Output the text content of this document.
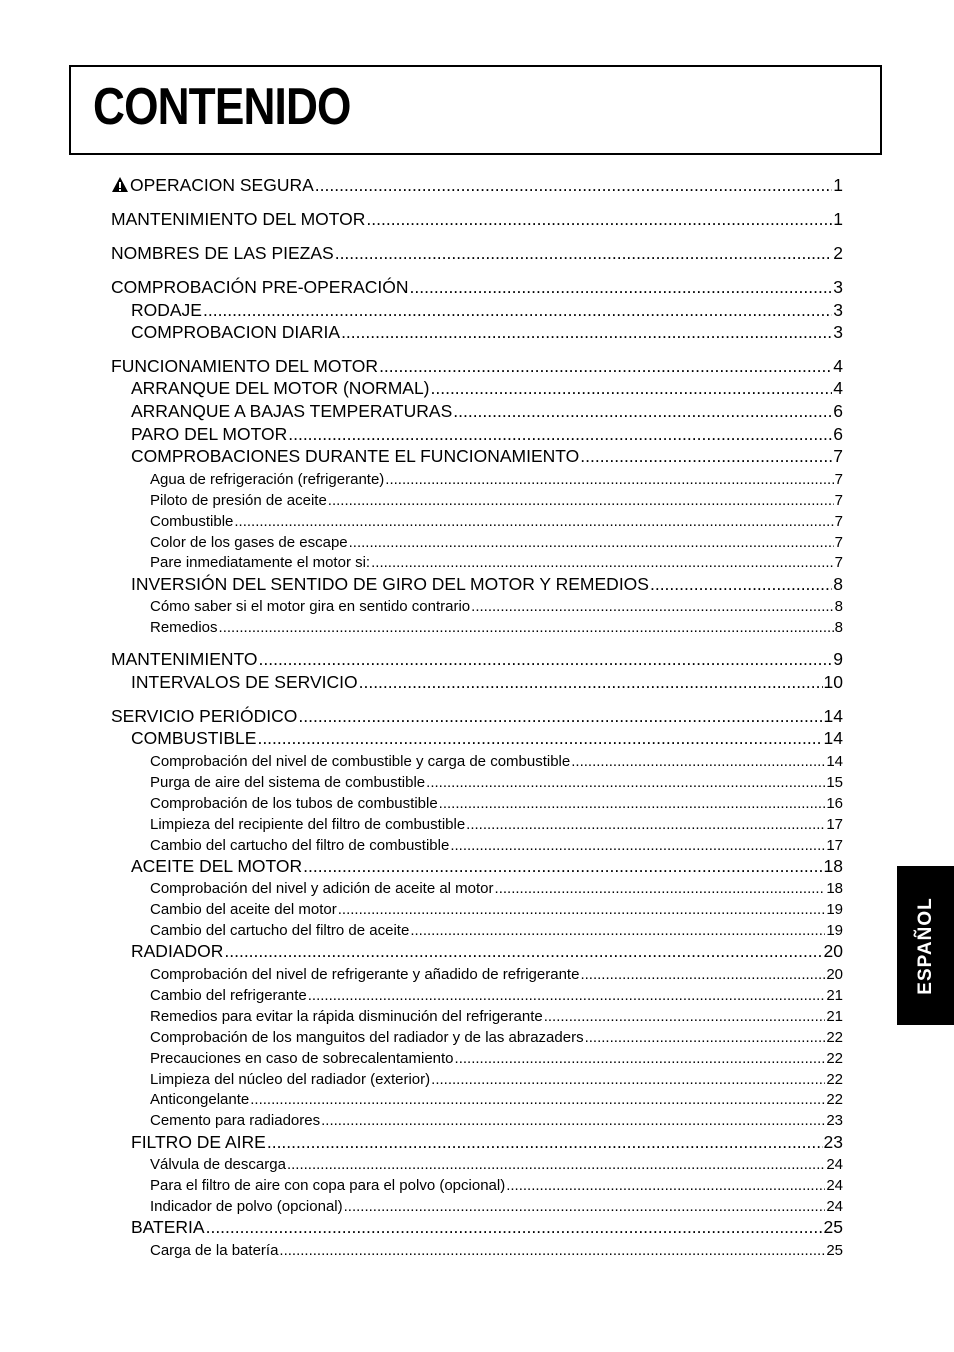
CONTENIDO
OPERACION SEGURA .....	1
MANTENIMIENTO DEL MOTOR .....	1
NOMBRES DE LAS PIEZAS .....	2
COMPROBACIÓN PRE-OPERACIÓN .....	3
RODAJE .....	3
COMPROBACION DIARIA .....	3
FUNCIONAMIENTO DEL MOTOR .....	4
ARRANQUE DEL MOTOR (NORMAL) .....	4
ARRANQUE A BAJAS TEMPERATURAS .....	6
PARO DEL MOTOR .....	6
COMPROBACIONES DURANTE EL FUNCIONAMIENTO .....	7
Agua de refrigeración (refrigerante) .....	7
Piloto de presión de aceite .....	7
Combustible .....	7
Color de los gases de escape .....	7
Pare inmediatamente el motor si: .....	7
INVERSIÓN DEL SENTIDO DE GIRO DEL MOTOR Y REMEDIOS .....	8
Cómo saber si el motor gira en sentido contrario .....	8
Remedios .....	8
MANTENIMIENTO .....	9
INTERVALOS DE SERVICIO .....	10
SERVICIO PERIÓDICO .....	14
COMBUSTIBLE .....	14
Comprobación del nivel de combustible y carga de combustible .....	14
Purga de aire del sistema de combustible .....	15
Comprobación de los tubos de combustible .....	16
Limpieza del recipiente del filtro de combustible .....	17
Cambio del cartucho del filtro de combustible .....	17
ACEITE DEL MOTOR .....	18
Comprobación del nivel y adición de aceite al motor .....	18
Cambio del aceite del motor .....	19
Cambio del cartucho del filtro de aceite .....	19
RADIADOR .....	20
Comprobación del nivel de refrigerante y añadido de refrigerante .....	20
Cambio del refrigerante .....	21
Remedios para evitar la rápida disminución del refrigerante .....	21
Comprobación de los manguitos del radiador y de las abrazaders .....	22
Precauciones en caso de sobrecalentamiento .....	22
Limpieza del núcleo del radiador (exterior) .....	22
Anticongelante .....	22
Cemento para radiadores .....	23
FILTRO DE AIRE .....	23
Válvula de descarga .....	24
Para el filtro de aire con copa para el polvo (opcional) .....	24
Indicador de polvo (opcional) .....	24
BATERIA .....	25
Carga de la batería .....	25
ESPAÑOL
